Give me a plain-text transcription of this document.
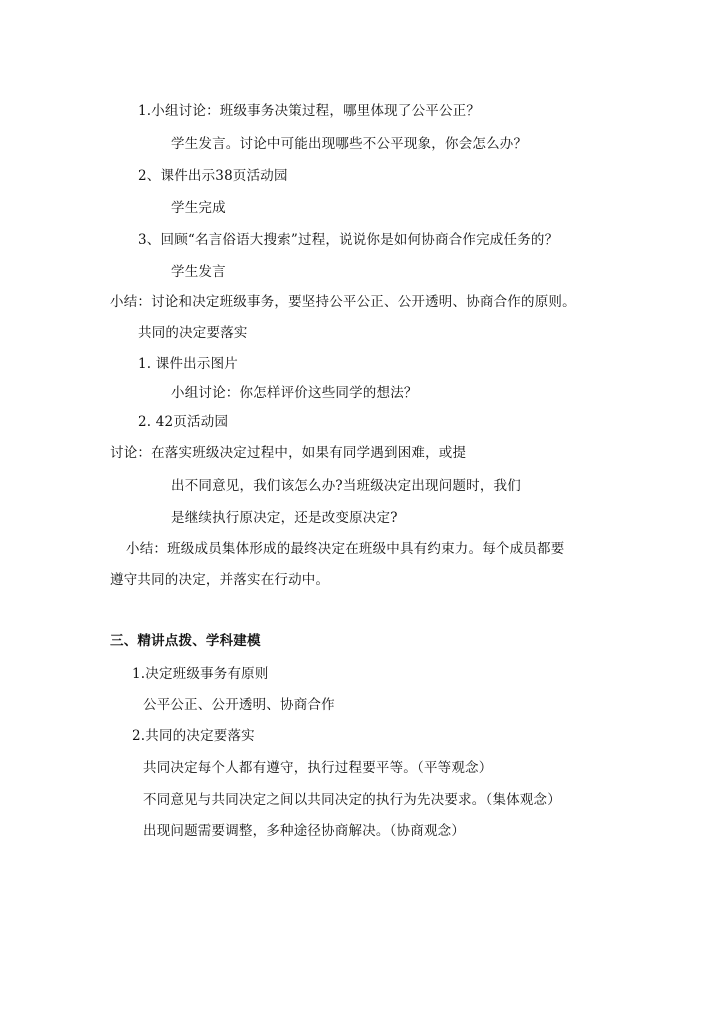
1.小组讨论：班级事务决策过程，哪里体现了公平公正？
学生发言。讨论中可能出现哪些不公平现象，你会怎么办？
2、课件出示38页活动园
学生完成
3、回顾“名言俗语大搜索”过程，说说你是如何协商合作完成任务的？
学生发言
小结：讨论和决定班级事务，要坚持公平公正、公开透明、协商合作的原则。
共同的决定要落实
1. 课件出示图片
小组讨论：你怎样评价这些同学的想法？
2. 42页活动园
讨论：在落实班级决定过程中，如果有同学遇到困难，或提
出不同意见，我们该怎么办?当班级决定出现问题时，我们
是继续执行原决定，还是改变原决定?
小结：班级成员集体形成的最终决定在班级中具有约束力。每个成员都要
遵守共同的决定，并落实在行动中。
三、精讲点拨、学科建模
1.决定班级事务有原则
公平公正、公开透明、协商合作
2.共同的决定要落实
共同决定每个人都有遵守，执行过程要平等。（平等观念）
不同意见与共同决定之间以共同决定的执行为先决要求。（集体观念）
出现问题需要调整，多种途径协商解决。（协商观念）
